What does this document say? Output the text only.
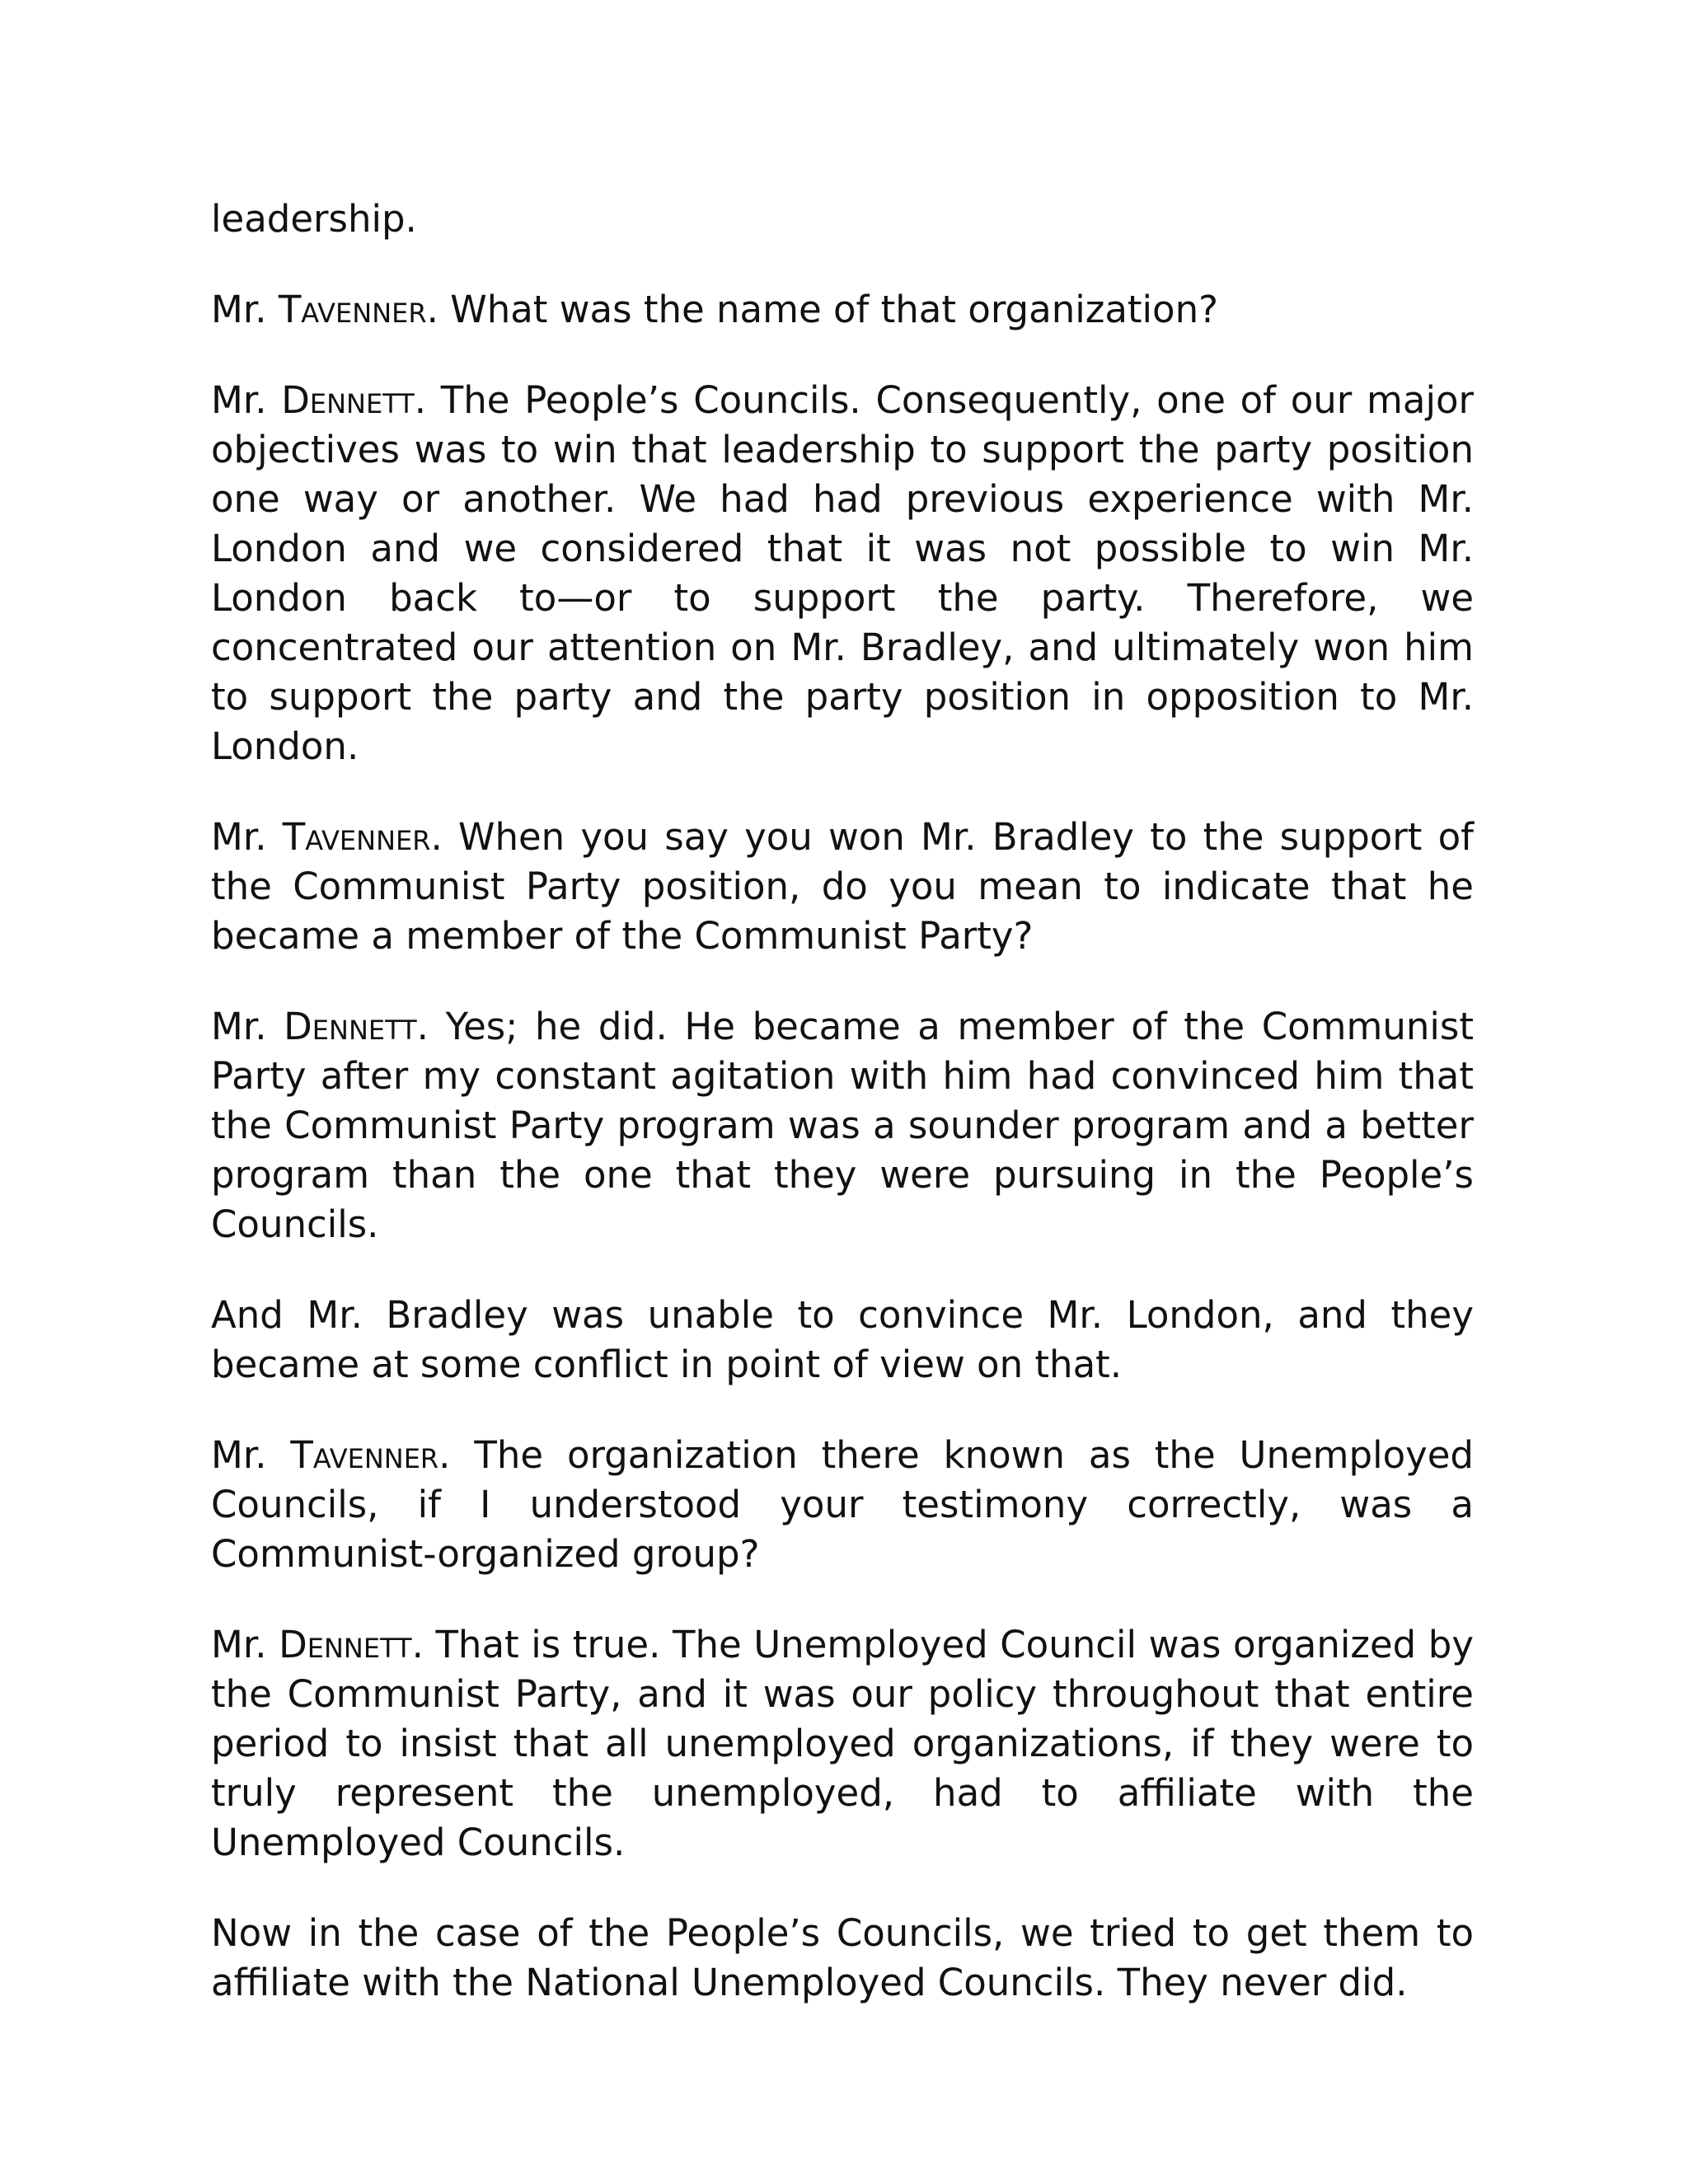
leadership.

Mr. Tavenner. What was the name of that organization?

Mr. Dennett. The People’s Councils. Consequently, one of our major objectives was to win that leadership to support the party position one way or another. We had had previous experience with Mr. London and we considered that it was not possible to win Mr. London back to—or to support the party. Therefore, we concentrated our attention on Mr. Bradley, and ultimately won him to support the party and the party position in opposition to Mr. London.

Mr. Tavenner. When you say you won Mr. Bradley to the support of the Communist Party position, do you mean to indicate that he became a member of the Communist Party?

Mr. Dennett. Yes; he did. He became a member of the Communist Party after my constant agitation with him had convinced him that the Communist Party program was a sounder program and a better program than the one that they were pursuing in the People’s Councils.

And Mr. Bradley was unable to convince Mr. London, and they became at some conflict in point of view on that.

Mr. Tavenner. The organization there known as the Unemployed Councils, if I understood your testimony correctly, was a Communist-organized group?

Mr. Dennett. That is true. The Unemployed Council was organized by the Communist Party, and it was our policy throughout that entire period to insist that all unemployed organizations, if they were to truly represent the unemployed, had to affiliate with the Unemployed Councils.

Now in the case of the People’s Councils, we tried to get them to affiliate with the National Unemployed Councils. They never did.
